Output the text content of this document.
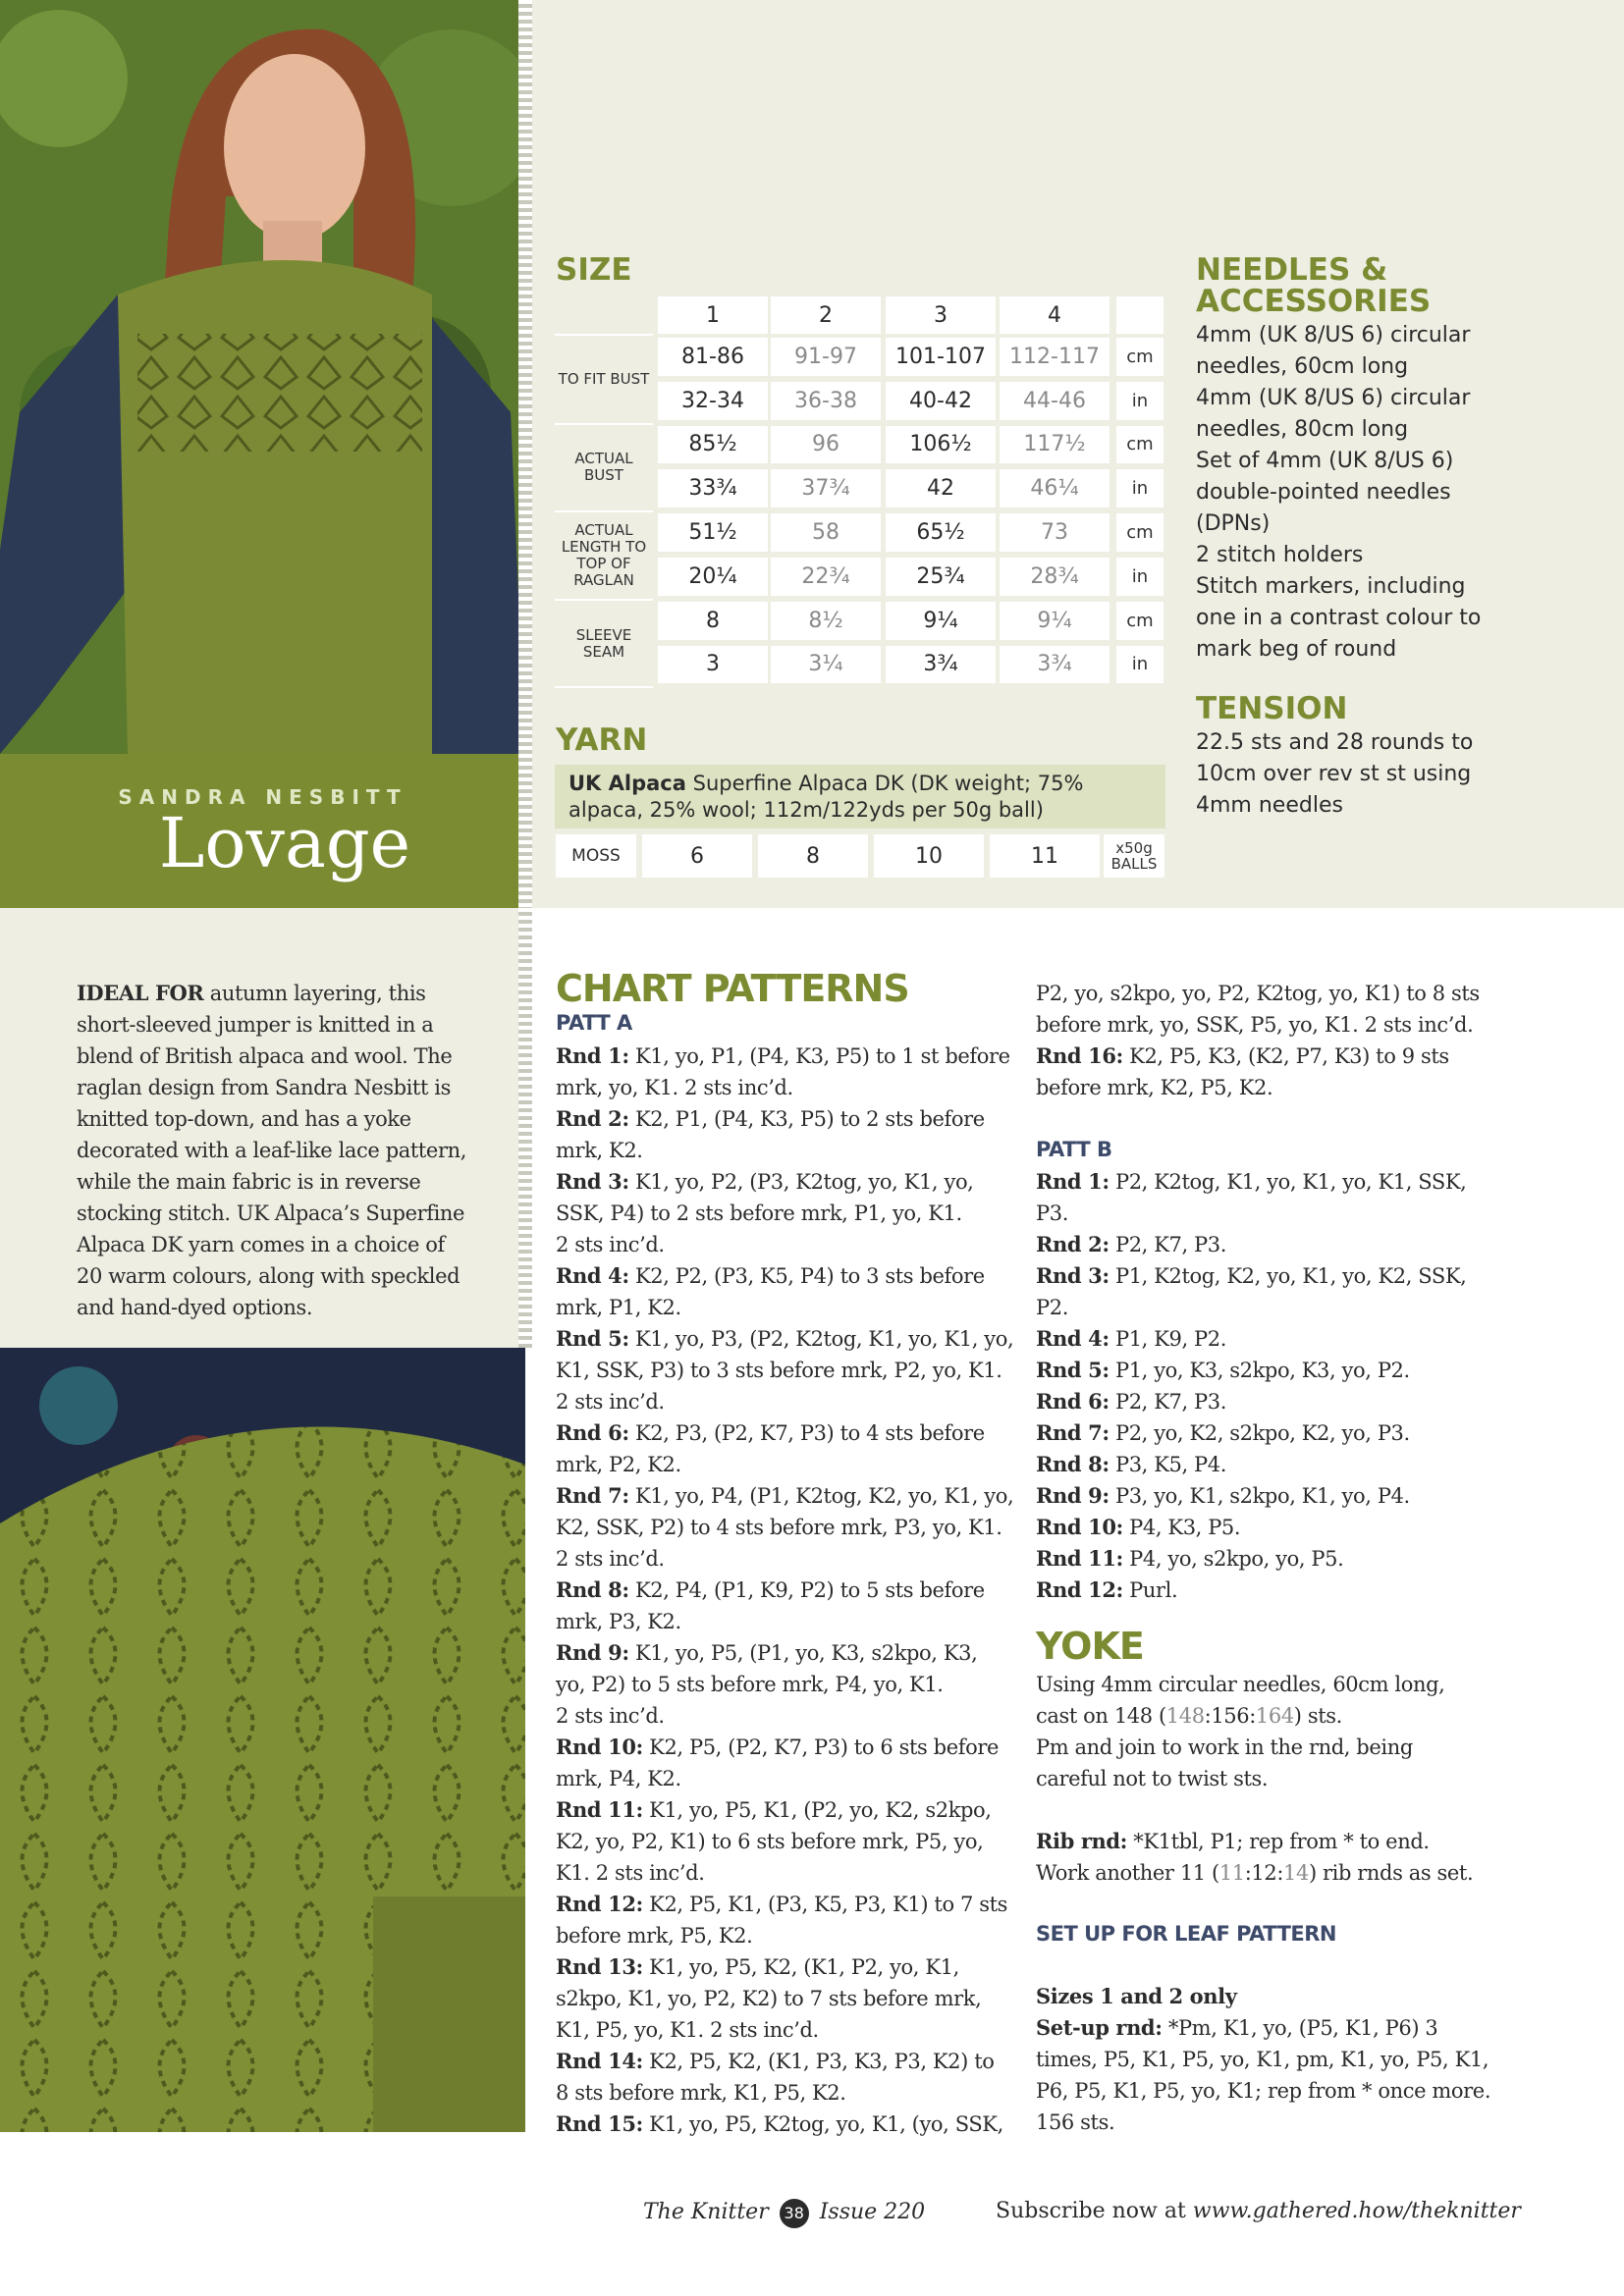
SANDRA NESBITT
Lovage
SIZE
1	2	3	4
TO FIT BUST
81-86	91-97	101-107	112-117	cm
32-34	36-38	40-42	44-46	in
ACTUAL BUST
85½	96	106½	117½	cm
33¾	37¾	42	46¼	in
ACTUAL LENGTH TO TOP OF RAGLAN
51½	58	65½	73	cm
20¼	22¾	25¾	28¾	in
SLEEVE SEAM
8	8½	9¼	9¼	cm
3	3¼	3¾	3¾	in
YARN
UK Alpaca Superfine Alpaca DK (DK weight; 75% alpaca, 25% wool; 112m/122yds per 50g ball)
MOSS	6	8	10	11	x50g
BALLS
NEEDLES &
ACCESSORIES
4mm (UK 8/US 6) circular
needles, 60cm long
4mm (UK 8/US 6) circular
needles, 80cm long
Set of 4mm (UK 8/US 6)
double-pointed needles
(DPNs)
2 stitch holders
Stitch markers, including
one in a contrast colour to
mark beg of round
TENSION
22.5 sts and 28 rounds to
10cm over rev st st using
4mm needles
IDEAL FOR autumn layering, this
short-sleeved jumper is knitted in a
blend of British alpaca and wool. The
raglan design from Sandra Nesbitt is
knitted top-down, and has a yoke
decorated with a leaf-like lace pattern,
while the main fabric is in reverse
stocking stitch. UK Alpaca’s Superfine
Alpaca DK yarn comes in a choice of
20 warm colours, along with speckled
and hand-dyed options.
CHART PATTERNS
PATT A
Rnd 1: K1, yo, P1, (P4, K3, P5) to 1 st before
mrk, yo, K1. 2 sts inc’d.
Rnd 2: K2, P1, (P4, K3, P5) to 2 sts before
mrk, K2.
Rnd 3: K1, yo, P2, (P3, K2tog, yo, K1, yo,
SSK, P4) to 2 sts before mrk, P1, yo, K1.
2 sts inc’d.
Rnd 4: K2, P2, (P3, K5, P4) to 3 sts before
mrk, P1, K2.
Rnd 5: K1, yo, P3, (P2, K2tog, K1, yo, K1, yo,
K1, SSK, P3) to 3 sts before mrk, P2, yo, K1.
2 sts inc’d.
Rnd 6: K2, P3, (P2, K7, P3) to 4 sts before
mrk, P2, K2.
Rnd 7: K1, yo, P4, (P1, K2tog, K2, yo, K1, yo,
K2, SSK, P2) to 4 sts before mrk, P3, yo, K1.
2 sts inc’d.
Rnd 8: K2, P4, (P1, K9, P2) to 5 sts before
mrk, P3, K2.
Rnd 9: K1, yo, P5, (P1, yo, K3, s2kpo, K3,
yo, P2) to 5 sts before mrk, P4, yo, K1.
2 sts inc’d.
Rnd 10: K2, P5, (P2, K7, P3) to 6 sts before
mrk, P4, K2.
Rnd 11: K1, yo, P5, K1, (P2, yo, K2, s2kpo,
K2, yo, P2, K1) to 6 sts before mrk, P5, yo,
K1. 2 sts inc’d.
Rnd 12: K2, P5, K1, (P3, K5, P3, K1) to 7 sts
before mrk, P5, K2.
Rnd 13: K1, yo, P5, K2, (K1, P2, yo, K1,
s2kpo, K1, yo, P2, K2) to 7 sts before mrk,
K1, P5, yo, K1. 2 sts inc’d.
Rnd 14: K2, P5, K2, (K1, P3, K3, P3, K2) to
8 sts before mrk, K1, P5, K2.
Rnd 15: K1, yo, P5, K2tog, yo, K1, (yo, SSK,
P2, yo, s2kpo, yo, P2, K2tog, yo, K1) to 8 sts
before mrk, yo, SSK, P5, yo, K1. 2 sts inc’d.
Rnd 16: K2, P5, K3, (K2, P7, K3) to 9 sts
before mrk, K2, P5, K2.
PATT B
Rnd 1: P2, K2tog, K1, yo, K1, yo, K1, SSK,
P3.
Rnd 2: P2, K7, P3.
Rnd 3: P1, K2tog, K2, yo, K1, yo, K2, SSK,
P2.
Rnd 4: P1, K9, P2.
Rnd 5: P1, yo, K3, s2kpo, K3, yo, P2.
Rnd 6: P2, K7, P3.
Rnd 7: P2, yo, K2, s2kpo, K2, yo, P3.
Rnd 8: P3, K5, P4.
Rnd 9: P3, yo, K1, s2kpo, K1, yo, P4.
Rnd 10: P4, K3, P5.
Rnd 11: P4, yo, s2kpo, yo, P5.
Rnd 12: Purl.
YOKE
Using 4mm circular needles, 60cm long,
cast on 148 (148:156:164) sts.
Pm and join to work in the rnd, being
careful not to twist sts.
Rib rnd: *K1tbl, P1; rep from * to end.
Work another 11 (11:12:14) rib rnds as set.
SET UP FOR LEAF PATTERN
Sizes 1 and 2 only
Set-up rnd: *Pm, K1, yo, (P5, K1, P6) 3
times, P5, K1, P5, yo, K1, pm, K1, yo, P5, K1,
P6, P5, K1, P5, yo, K1; rep from * once more.
156 sts.
The Knitter 38 Issue 220	Subscribe now at www.gathered.how/theknitter
